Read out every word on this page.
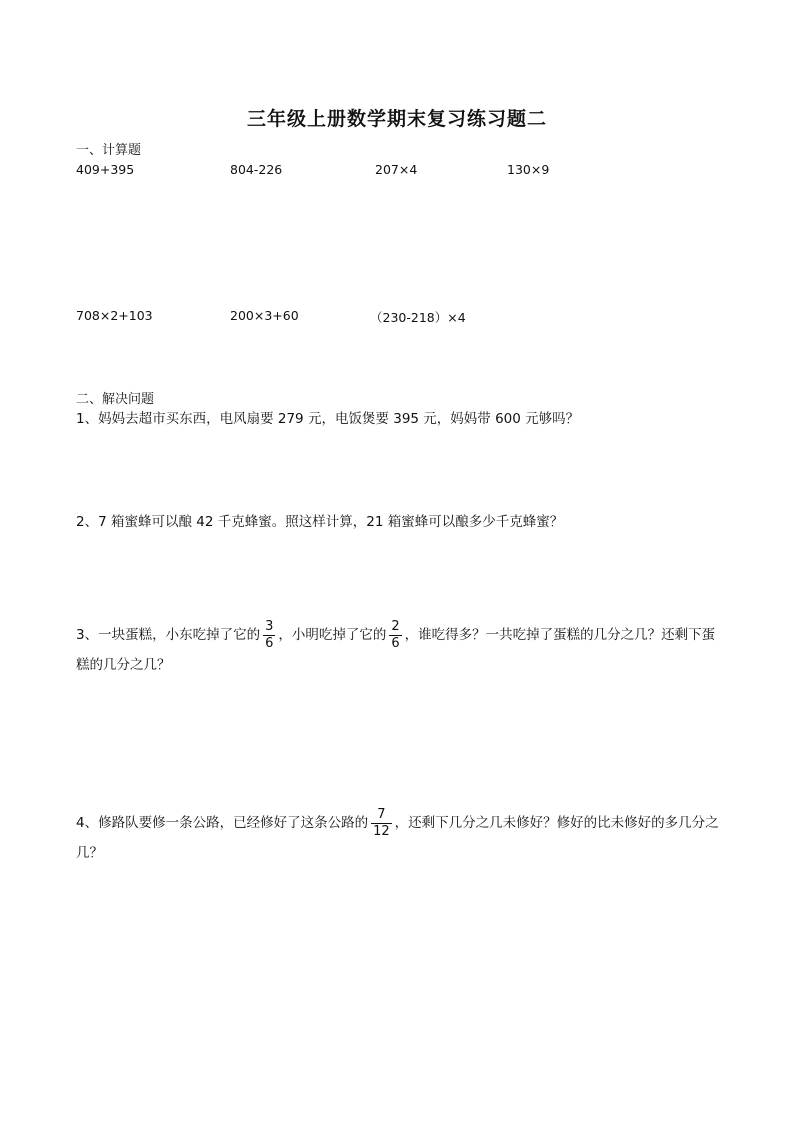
三年级上册数学期末复习练习题二
一、计算题
409+395	804-226	207×4	130×9
708×2+103	200×3+60	（230-218）×4
二、解决问题
1、妈妈去超市买东西，电风扇要 279 元，电饭煲要 395 元，妈妈带 600 元够吗？
2、7 箱蜜蜂可以酿 42 千克蜂蜜。照这样计算，21 箱蜜蜂可以酿多少千克蜂蜜？
3、一块蛋糕，小东吃掉了它的 $\frac{3}{6}$ ，小明吃掉了它的 $\frac{2}{6}$ ，谁吃得多？一共吃掉了蛋糕的几分之几？还剩下蛋糕的几分之几？
4、修路队要修一条公路，已经修好了这条公路的 $\frac{7}{12}$ ，还剩下几分之几未修好？修好的比未修好的多几分之几？
